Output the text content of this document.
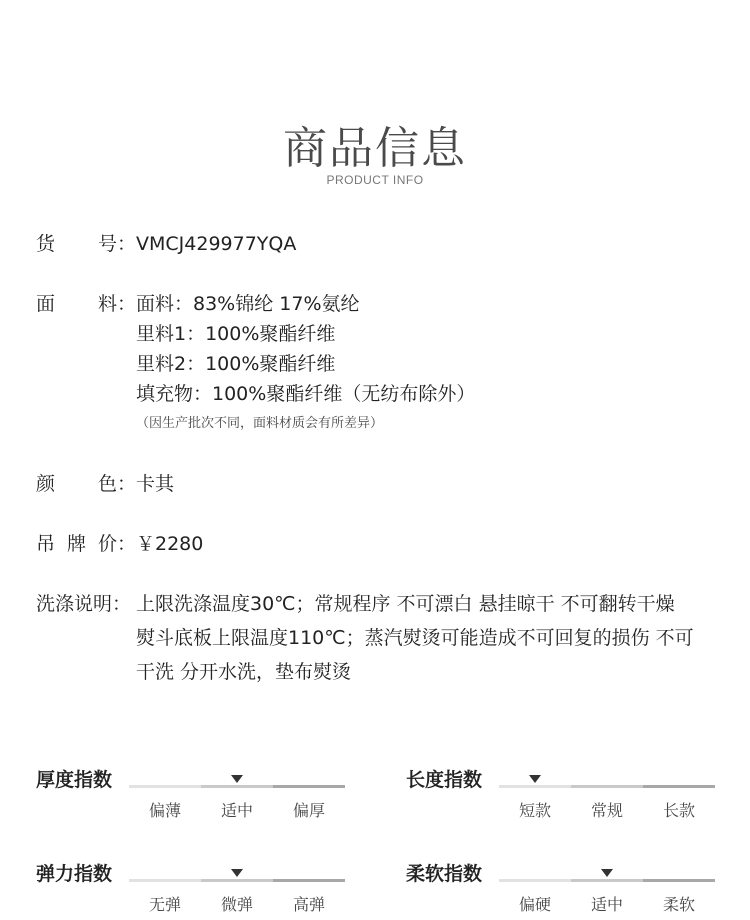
商品信息
PRODUCT INFO
货 号： VMCJ429977YQA
面 料： 面料：83%锦纶 17%氨纶
里料1：100%聚酯纤维
里料2：100%聚酯纤维
填充物：100%聚酯纤维（无纺布除外）
（因生产批次不同，面料材质会有所差异）
颜 色： 卡其
吊 牌 价： ￥2280
洗涤说明： 上限洗涤温度30℃；常规程序 不可漂白 悬挂晾干 不可翻转干燥
熨斗底板上限温度110℃；蒸汽熨烫可能造成不可回复的损伤 不可
干洗 分开水洗，垫布熨烫
厚度指数
偏薄	适中	偏厚
长度指数
短款	常规	长款
弹力指数
无弹	微弹	高弹
柔软指数
偏硬	适中	柔软
